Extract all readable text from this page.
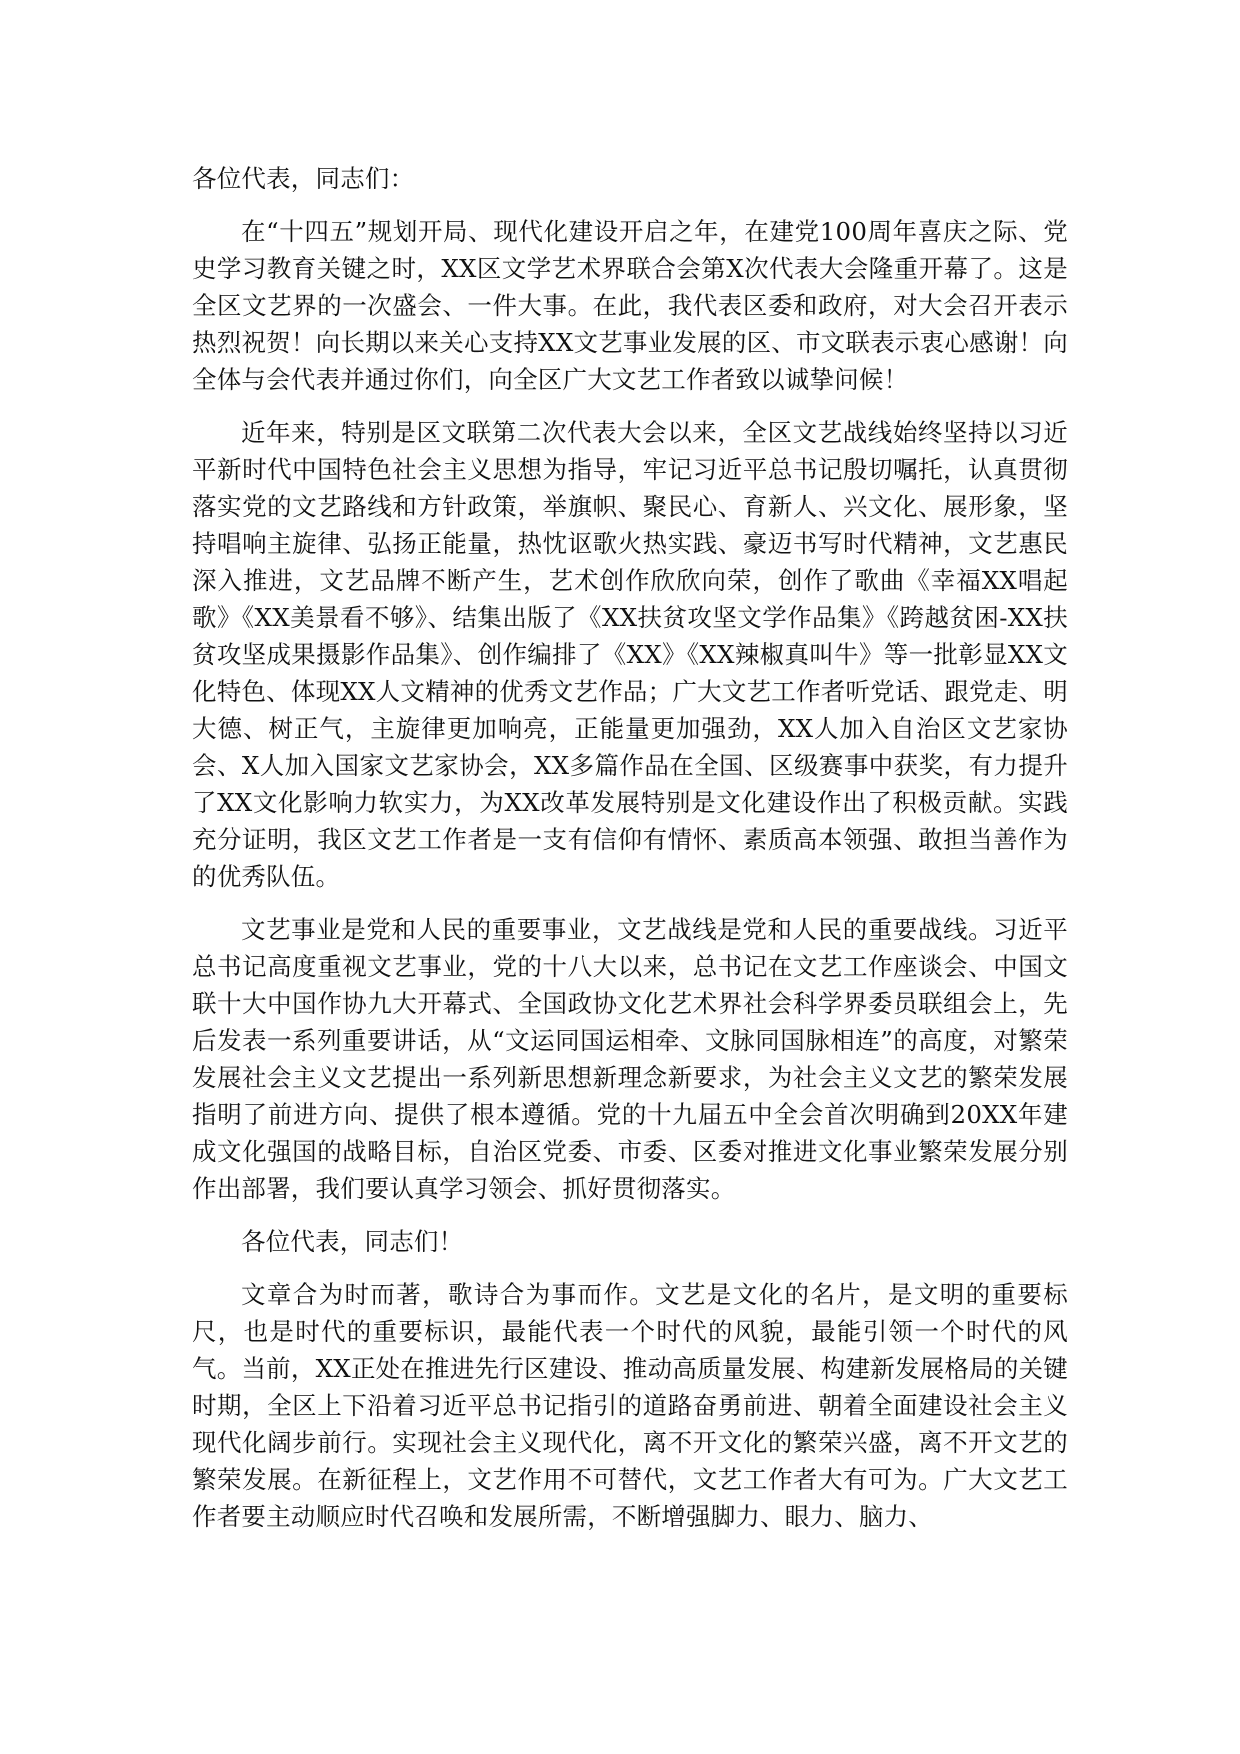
各位代表，同志们：

在“十四五”规划开局、现代化建设开启之年，在建党100周年喜庆之际、党史学习教育关键之时，XX区文学艺术界联合会第X次代表大会隆重开幕了。这是全区文艺界的一次盛会、一件大事。在此，我代表区委和政府，对大会召开表示热烈祝贺！向长期以来关心支持XX文艺事业发展的区、市文联表示衷心感谢！向全体与会代表并通过你们，向全区广大文艺工作者致以诚挚问候！

近年来，特别是区文联第二次代表大会以来，全区文艺战线始终坚持以习近平新时代中国特色社会主义思想为指导，牢记习近平总书记殷切嘱托，认真贯彻落实党的文艺路线和方针政策，举旗帜、聚民心、育新人、兴文化、展形象，坚持唱响主旋律、弘扬正能量，热忱讴歌火热实践、豪迈书写时代精神，文艺惠民深入推进，文艺品牌不断产生，艺术创作欣欣向荣，创作了歌曲《幸福XX唱起歌》《XX美景看不够》、结集出版了《XX扶贫攻坚文学作品集》《跨越贫困-XX扶贫攻坚成果摄影作品集》、创作编排了《XX》《XX辣椒真叫牛》等一批彰显XX文化特色、体现XX人文精神的优秀文艺作品；广大文艺工作者听党话、跟党走、明大德、树正气，主旋律更加响亮，正能量更加强劲，XX人加入自治区文艺家协会、X人加入国家文艺家协会，XX多篇作品在全国、区级赛事中获奖，有力提升了XX文化影响力软实力，为XX改革发展特别是文化建设作出了积极贡献。实践充分证明，我区文艺工作者是一支有信仰有情怀、素质高本领强、敢担当善作为的优秀队伍。

文艺事业是党和人民的重要事业，文艺战线是党和人民的重要战线。习近平总书记高度重视文艺事业，党的十八大以来，总书记在文艺工作座谈会、中国文联十大中国作协九大开幕式、全国政协文化艺术界社会科学界委员联组会上，先后发表一系列重要讲话，从“文运同国运相牵、文脉同国脉相连”的高度，对繁荣发展社会主义文艺提出一系列新思想新理念新要求，为社会主义文艺的繁荣发展指明了前进方向、提供了根本遵循。党的十九届五中全会首次明确到20XX年建成文化强国的战略目标，自治区党委、市委、区委对推进文化事业繁荣发展分别作出部署，我们要认真学习领会、抓好贯彻落实。

各位代表，同志们！

文章合为时而著，歌诗合为事而作。文艺是文化的名片，是文明的重要标尺，也是时代的重要标识，最能代表一个时代的风貌，最能引领一个时代的风气。当前，XX正处在推进先行区建设、推动高质量发展、构建新发展格局的关键时期，全区上下沿着习近平总书记指引的道路奋勇前进、朝着全面建设社会主义现代化阔步前行。实现社会主义现代化，离不开文化的繁荣兴盛，离不开文艺的繁荣发展。在新征程上，文艺作用不可替代，文艺工作者大有可为。广大文艺工作者要主动顺应时代召唤和发展所需，不断增强脚力、眼力、脑力、
